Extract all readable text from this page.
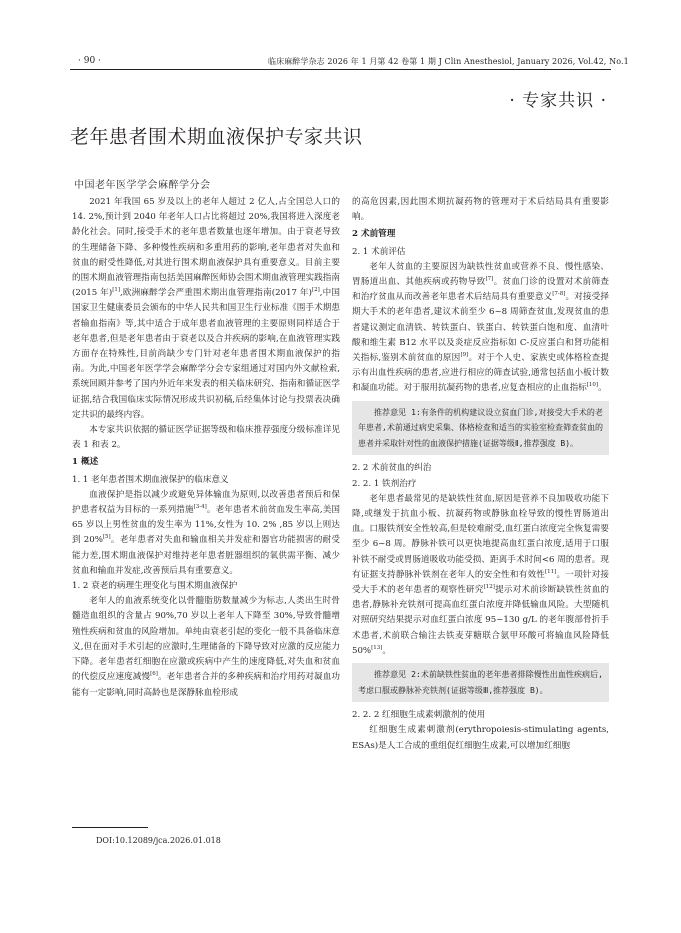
· 90 ·	临床麻醉学杂志 2026 年 1 月第 42 卷第 1 期 J Clin Anesthesiol, January 2026, Vol.42, No.1
· 专家共识 ·
老年患者围术期血液保护专家共识
中国老年医学学会麻醉学分会

2021 年我国 65 岁及以上的老年人超过 2 亿人,占全国总人口的 14. 2%,预计到 2040 年老年人口占比将超过 20%,我国将进入深度老龄化社会。同时,接受手术的老年患者数量也逐年增加。由于衰老导致的生理储备下降、多种慢性疾病和多重用药的影响,老年患者对失血和贫血的耐受性降低,对其进行围术期血液保护具有重要意义。目前主要的围术期血液管理指南包括美国麻醉医师协会围术期血液管理实践指南(2015 年)[1],欧洲麻醉学会严重围术期出血管理指南(2017 年)[2],中国国家卫生健康委员会颁布的中华人民共和国卫生行业标准《围手术期患者输血指南》等,其中适合于成年患者血液管理的主要原则同样适合于老年患者,但是老年患者由于衰老以及合并疾病的影响,在血液管理实践方面存在特殊性,目前尚缺少专门针对老年患者围术期血液保护的指南。为此,中国老年医学学会麻醉学分会专家组通过对国内外文献检索,系统回顾并参考了国内外近年来发表的相关临床研究、指南和循证医学证据,结合我国临床实际情况形成共识初稿,后经集体讨论与投票表决确定共识的最终内容。

本专家共识依据的循证医学证据等级和临床推荐强度分级标准详见表 1 和表 2。

1 概述

1. 1 老年患者围术期血液保护的临床意义

血液保护是指以减少或避免异体输血为原则,以改善患者预后和保护患者权益为目标的一系列措施[3-4]。老年患者术前贫血发生率高,美国 65 岁以上男性贫血的发生率为 11%,女性为 10. 2% ,85 岁以上则达到 20%[5]。老年患者对失血和输血相关并发症和器官功能损害的耐受能力差,围术期血液保护对维持老年患者脏器组织的氧供需平衡、减少贫血和输血并发症,改善预后具有重要意义。

1. 2 衰老的病理生理变化与围术期血液保护

老年人的血液系统变化以骨髓脂肪数量减少为标志,人类出生时骨髓造血组织的含量占 90%,70 岁以上老年人下降至 30%,导致骨髓增殖性疾病和贫血的风险增加。单纯由衰老引起的变化一般不具备临床意义,但在面对手术引起的应激时,生理储备的下降导致对应激的反应能力下降。老年患者红细胞在应激或疾病中产生的速度降低,对失血和贫血的代偿反应速度减慢[6]。老年患者合并的多种疾病和治疗用药对凝血功能有一定影响,同时高龄也是深静脉血栓形成

DOI:10.12089/jca.2026.01.018

的高危因素,因此围术期抗凝药物的管理对于术后结局具有重要影响。

2 术前管理

2. 1 术前评估

老年人贫血的主要原因为缺铁性贫血或营养不良、慢性感染、胃肠道出血、其他疾病或药物导致[7]。贫血门诊的设置对术前筛查和治疗贫血从而改善老年患者术后结局具有重要意义[7-8]。对接受择期大手术的老年患者,建议术前至少 6~8 周筛查贫血,发现贫血的患者建议测定血清铁、转铁蛋白、铁蛋白、转铁蛋白饱和度、血清叶酸和维生素 B12 水平以及炎症反应指标如 C-反应蛋白和肾功能相关指标,鉴别术前贫血的原因[9]。对于个人史、家族史或体格检查提示有出血性疾病的患者,应进行相应的筛查试验,通常包括血小板计数和凝血功能。对于服用抗凝药物的患者,应复查相应的止血指标[10]。

推荐意见 1:有条件的机构建议设立贫血门诊,对接受大手术的老年患者,术前通过病史采集、体格检查和适当的实验室检查筛查贫血的患者并采取针对性的血液保护措施(证据等级Ⅱ,推荐强度 B)。

2. 2 术前贫血的纠治

2. 2. 1 铁剂治疗

老年患者最常见的是缺铁性贫血,原因是营养不良加吸收功能下降,或继发于抗血小板、抗凝药物或静脉血栓导致的慢性胃肠道出血。口服铁剂安全性较高,但是较难耐受,血红蛋白浓度完全恢复需要至少 6~8 周。静脉补铁可以更快地提高血红蛋白浓度,适用于口服补铁不耐受或胃肠道吸收功能受损、距离手术时间<6 周的患者。现有证据支持静脉补铁剂在老年人的安全性和有效性[11]。一项针对接受大手术的老年患者的观察性研究[12]提示对术前诊断缺铁性贫血的患者,静脉补充铁剂可提高血红蛋白浓度并降低输血风险。大型随机对照研究结果提示对血红蛋白浓度 95~130 g/L 的老年腹部骨折手术患者,术前联合输注去铁麦芽糖联合氨甲环酸可将输血风险降低 50%[13]。

推荐意见 2:术前缺铁性贫血的老年患者排除慢性出血性疾病后,考虑口服或静脉补充铁剂(证据等级Ⅲ,推荐强度 B)。

2. 2. 2 红细胞生成素刺激剂的使用

红细胞生成素刺激剂(erythropoiesis-stimulating agents, ESAs)是人工合成的重组促红细胞生成素,可以增加红细胞
